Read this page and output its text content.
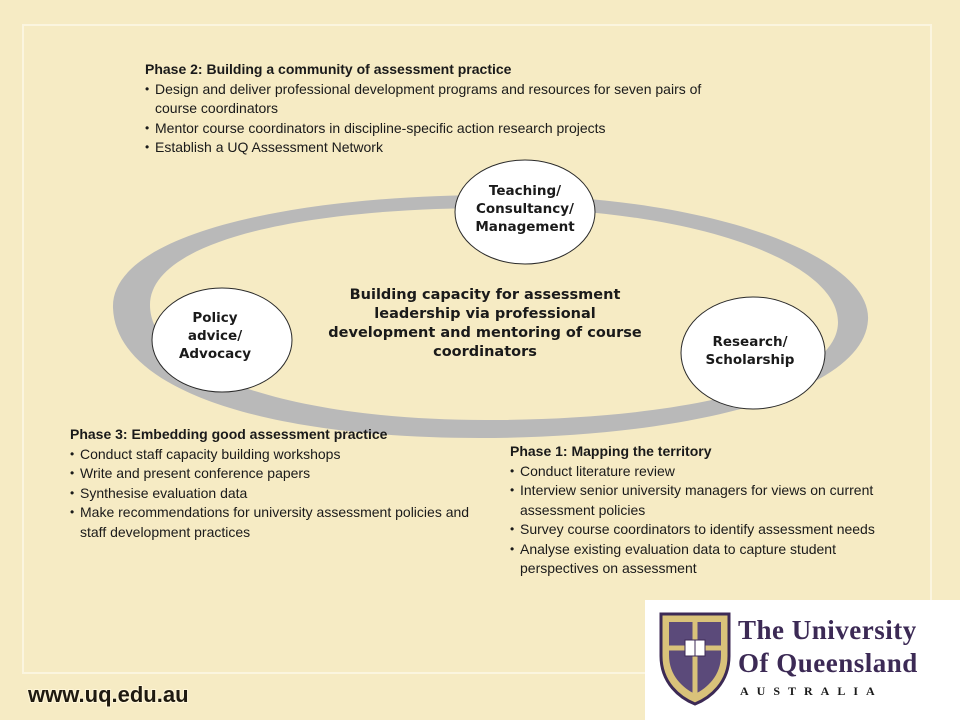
Teaching/
Consultancy/
Management
Policy
advice/
Advocacy
Research/
Scholarship
Building capacity for assessment leadership via professional development and mentoring of course coordinators
Phase 2: Building a community of assessment practice
• Design and deliver professional development programs and resources for seven pairs of course coordinators
• Mentor course coordinators in discipline-specific action research projects
• Establish a UQ Assessment Network
Phase 3: Embedding good assessment practice
• Conduct staff capacity building workshops
• Write and present conference papers
• Synthesise evaluation data
• Make recommendations for university assessment policies and staff development practices
Phase 1: Mapping the territory
• Conduct literature review
• Interview senior university managers for views on current assessment policies
• Survey course coordinators to identify assessment needs
• Analyse existing evaluation data to capture student perspectives on assessment
www.uq.edu.au
The University
Of Queensland
AUSTRALIA
